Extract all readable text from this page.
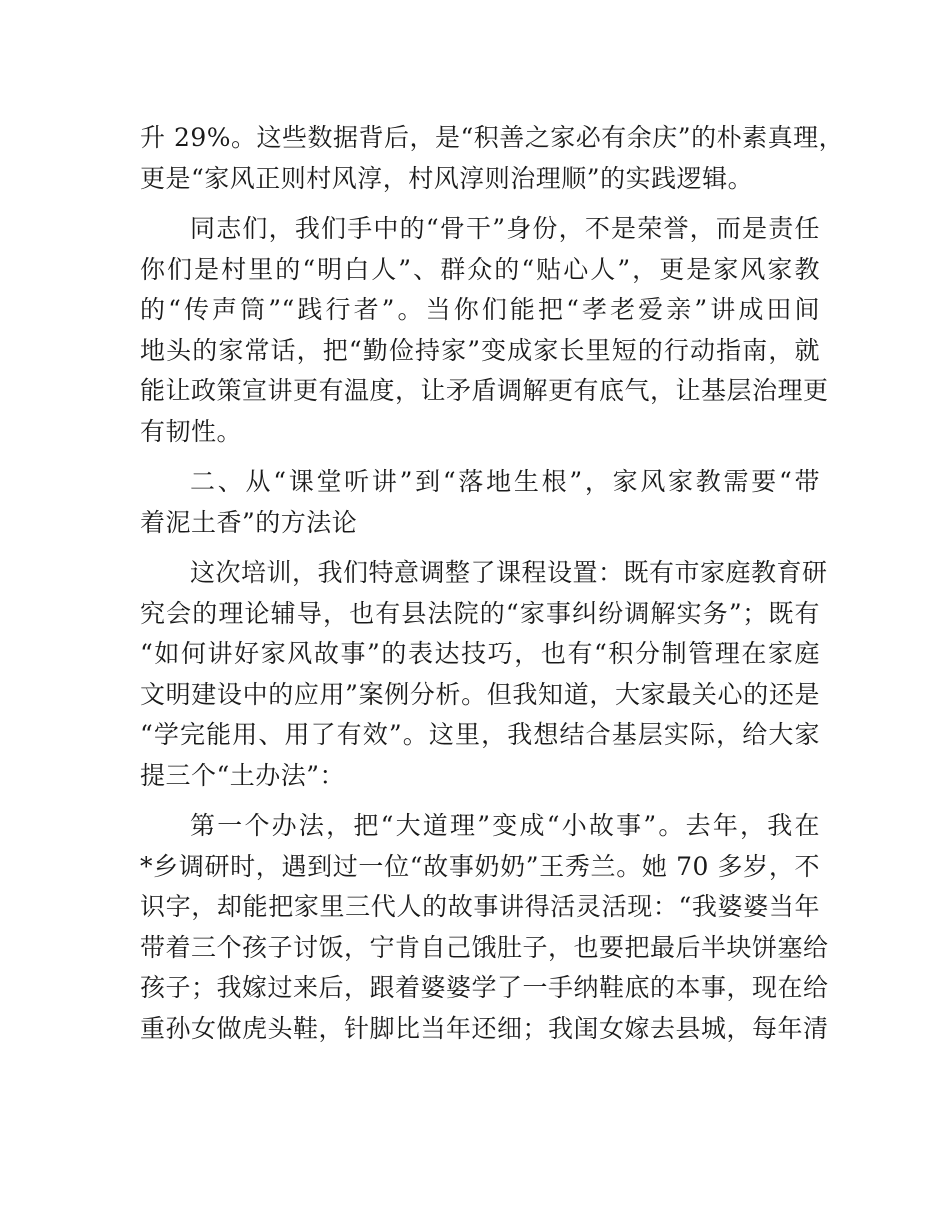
升 29%。这些数据背后，是“积善之家必有余庆”的朴素真理，
更是“家风正则村风淳，村风淳则治理顺”的实践逻辑。

同志们，我们手中的“骨干”身份，不是荣誉，而是责任
你们是村里的“明白人”、群众的“贴心人”，更是家风家教
的“传声筒”“践行者”。当你们能把“孝老爱亲”讲成田间
地头的家常话，把“勤俭持家”变成家长里短的行动指南，就
能让政策宣讲更有温度，让矛盾调解更有底气，让基层治理更
有韧性。

二、从“课堂听讲”到“落地生根”，家风家教需要“带
着泥土香”的方法论

这次培训，我们特意调整了课程设置：既有市家庭教育研
究会的理论辅导，也有县法院的“家事纠纷调解实务”；既有
“如何讲好家风故事”的表达技巧，也有“积分制管理在家庭
文明建设中的应用”案例分析。但我知道，大家最关心的还是
“学完能用、用了有效”。这里，我想结合基层实际，给大家
提三个“土办法”：

第一个办法，把“大道理”变成“小故事”。去年，我在
*乡调研时，遇到过一位“故事奶奶”王秀兰。她 70 多岁，不
识字，却能把家里三代人的故事讲得活灵活现：“我婆婆当年
带着三个孩子讨饭，宁肯自己饿肚子，也要把最后半块饼塞给
孩子；我嫁过来后，跟着婆婆学了一手纳鞋底的本事，现在给
重孙女做虎头鞋，针脚比当年还细；我闺女嫁去县城，每年清
